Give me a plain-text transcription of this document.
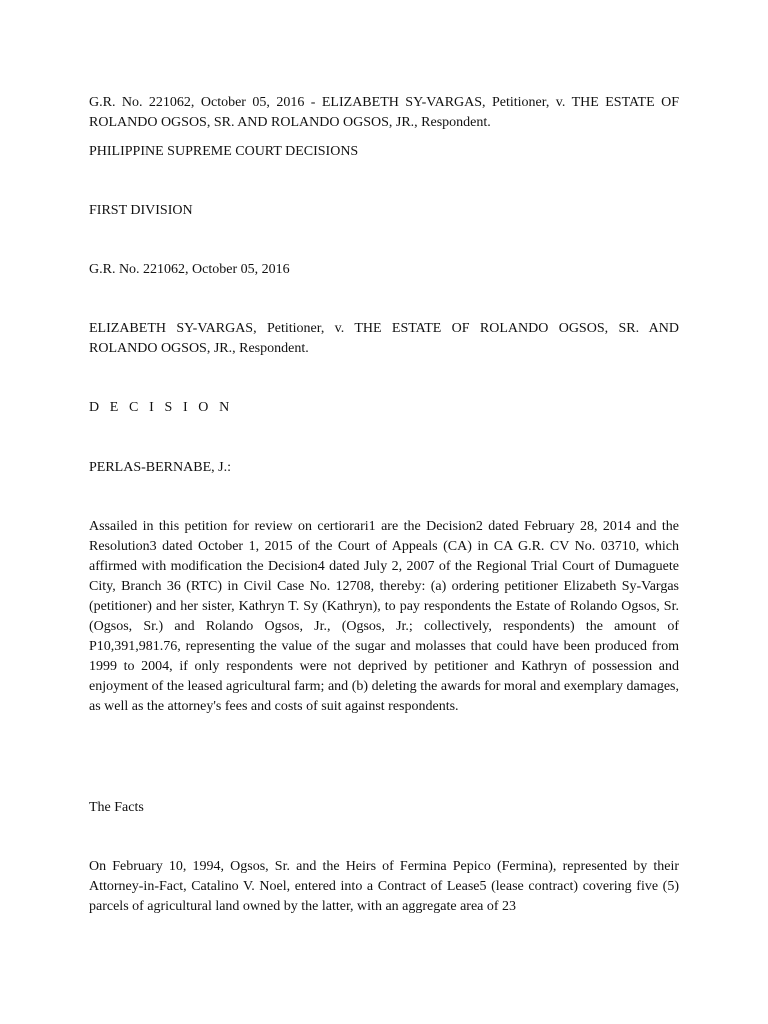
G.R. No. 221062, October 05, 2016 - ELIZABETH SY-VARGAS, Petitioner, v. THE ESTATE OF ROLANDO OGSOS, SR. AND ROLANDO OGSOS, JR., Respondent.

PHILIPPINE SUPREME COURT DECISIONS

FIRST DIVISION

G.R. No. 221062, October 05, 2016

ELIZABETH SY-VARGAS, Petitioner, v. THE ESTATE OF ROLANDO OGSOS, SR. AND ROLANDO OGSOS, JR., Respondent.

D E C I S I O N

PERLAS-BERNABE, J.:

Assailed in this petition for review on certiorari1 are the Decision2 dated February 28, 2014 and the Resolution3 dated October 1, 2015 of the Court of Appeals (CA) in CA G.R. CV No. 03710, which affirmed with modification the Decision4 dated July 2, 2007 of the Regional Trial Court of Dumaguete City, Branch 36 (RTC) in Civil Case No. 12708, thereby: (a) ordering petitioner Elizabeth Sy-Vargas (petitioner) and her sister, Kathryn T. Sy (Kathryn), to pay respondents the Estate of Rolando Ogsos, Sr. (Ogsos, Sr.) and Rolando Ogsos, Jr., (Ogsos, Jr.; collectively, respondents) the amount of P10,391,981.76, representing the value of the sugar and molasses that could have been produced from 1999 to 2004, if only respondents were not deprived by petitioner and Kathryn of possession and enjoyment of the leased agricultural farm; and (b) deleting the awards for moral and exemplary damages, as well as the attorney's fees and costs of suit against respondents.

The Facts

On February 10, 1994, Ogsos, Sr. and the Heirs of Fermina Pepico (Fermina), represented by their Attorney-in-Fact, Catalino V. Noel, entered into a Contract of Lease5 (lease contract) covering five (5) parcels of agricultural land owned by the latter, with an aggregate area of 23
